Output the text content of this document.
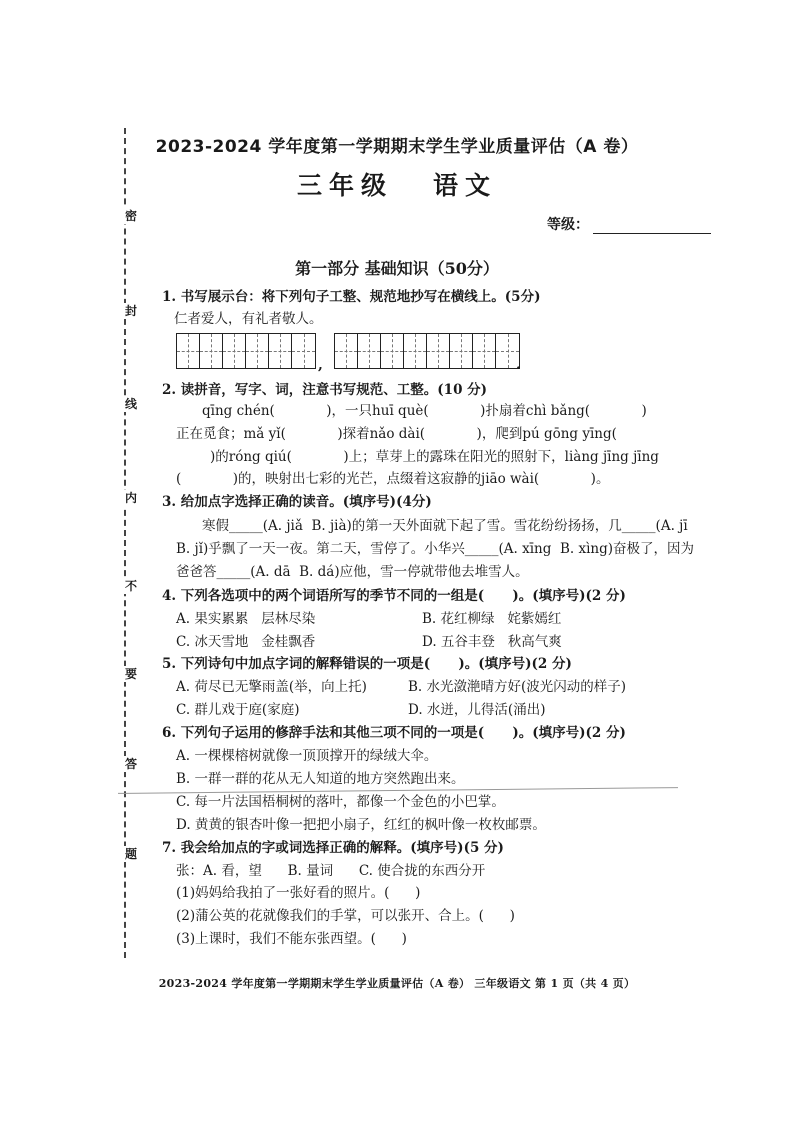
密
封
线
内
不
要
答
题
2023-2024 学年度第一学期期末学生学业质量评估（A 卷）
三年级 语文
等级：
第一部分 基础知识（50分）
1. 书写展示台：将下列句子工整、规范地抄写在横线上。(5分)
仁者爱人，有礼者敬人。
,	.
2. 读拼音，写字、词，注意书写规范、工整。(10 分)
qīng chén(            )，一只huī què(            )扑扇着chì bǎng(            )
正在觅食；mǎ yǐ(            )探着nǎo dài(            )，爬到pú gōng yīng(
)的róng qiú(            )上；草芽上的露珠在阳光的照射下，liàng jīng jīng
(            )的，映射出七彩的光芒，点缀着这寂静的jiāo wài(            )。
3. 给加点字选择正确的读音。(填序号)(4分)
寒假_____(A. jiǎ  B. jià)的第一天外面就下起了雪。雪花纷纷扬扬，几_____(A. jī
B. jǐ)乎飘了一天一夜。第二天，雪停了。小华兴_____(A. xīng  B. xìng)奋极了，因为
爸爸答_____(A. dā  B. dá)应他，雪一停就带他去堆雪人。
4. 下列各选项中的两个词语所写的季节不同的一组是(      )。(填序号)(2 分)
A. 果实累累   层林尽染	B. 花红柳绿   姹紫嫣红
C. 冰天雪地   金桂飘香	D. 五谷丰登   秋高气爽
5. 下列诗句中加点字词的解释错误的一项是(      )。(填序号)(2 分)
A. 荷尽已无擎雨盖(举，向上托)	B. 水光潋滟晴方好(波光闪动的样子)
C. 群儿戏于庭(家庭)	D. 水迸，儿得活(涌出)
6. 下列句子运用的修辞手法和其他三项不同的一项是(      )。(填序号)(2 分)
A. 一棵棵榕树就像一顶顶撑开的绿绒大伞。
B. 一群一群的花从无人知道的地方突然跑出来。
C. 每一片法国梧桐树的落叶，都像一个金色的小巴掌。
D. 黄黄的银杏叶像一把把小扇子，红红的枫叶像一枚枚邮票。
7. 我会给加点的字或词选择正确的解释。(填序号)(5 分)
张：A. 看，望      B. 量词      C. 使合拢的东西分开
(1)妈妈给我拍了一张好看的照片。(      )
(2)蒲公英的花就像我们的手掌，可以张开、合上。(      )
(3)上课时，我们不能东张西望。(      )
2023-2024 学年度第一学期期末学生学业质量评估（A 卷） 三年级语文 第 1 页（共 4 页）
